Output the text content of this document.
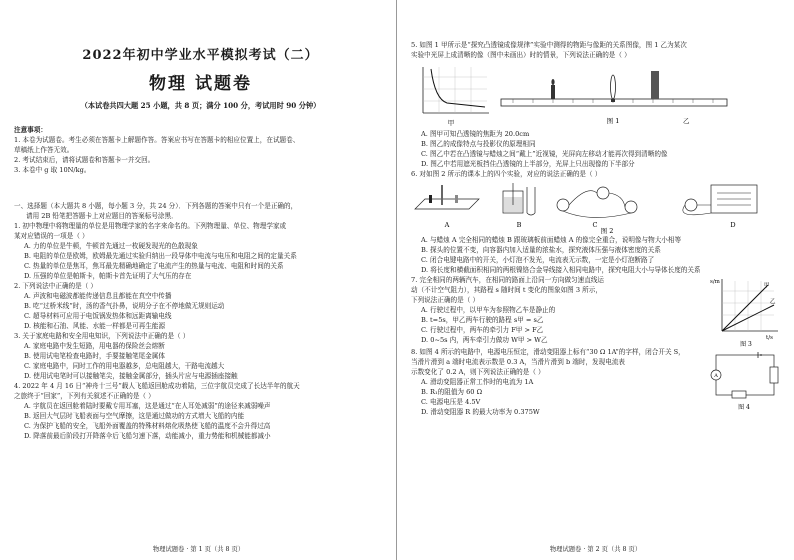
2022年初中学业水平模拟考试（二）
物理 试题卷
（本试卷共四大题 25 小题，共 8 页；满分 100 分，考试用时 90 分钟）
注意事项：
1. 本卷为试题卷。考生必须在答题卡上解题作答。答案应书写在答题卡的相应位置上，在试题卷、
草稿纸上作答无效。
2. 考试结束后，请将试题卷和答题卡一并交回。
3. 本卷中 g 取 10N/kg。
一、选择题（本大题共 8 小题，每小题 3 分，共 24 分）．下列各题的答案中只有一个是正确的，
请用 2B 铅笔把答题卡上对应题目的答案标号涂黑．
1. 初中物理中将物理量的单位是用物理学家的名字来命名的。下列物理量、单位、物理学家或
某对应错误的一项是（ ）
A. 力的单位是牛顿，牛顿首先通过一枚硬发现光的色散现象
B. 电阻的单位是欧姆，欧姆最先通过实验归纳出一段导体中电流与电压和电阻之间的定量关系
C. 热量的单位是焦耳，焦耳最先精确地确定了电流产生的热量与电流、电阻和时间的关系
D. 压强的单位是帕斯卡，帕斯卡首先证明了大气压的存在
2. 下列说法中正确的是（ ）
A. 声波和电磁波都能传递信息且都能在真空中传播
B. 吃“过桥米线”时，汤的香气扑鼻，说明分子在不停地做无规则运动
C. 超导材料可应用于电饭锅发热体和远距离输电线
D. 核能和石油、风能、水能一样都是可再生能源
3. 关于家庭电路和安全用电知识，下列说法中正确的是（ ）
A. 家庭电路中发生短路，用电器的保险丝会熔断
B. 使用试电笔检查电路时，手要接触笔尾金属体
C. 家庭电路中，同时工作的用电器越多，总电阻越大，干路电流越大
D. 使用试电笔时可以接触笔尖，接触金属部分，插头片应与电源插座接触
4. 2022 年 4 月 16 日“神舟十三号”载人飞船返回舱成功着陆，三位宇航员完成了长达半年的航天
之旅终于“回家”，下列有关叙述不正确的是（ ）
A. 宇航员在返回舱着陆时要戴专用耳塞，这是通过“在人耳处减弱”的途径来减弱噪声
B. 返回大气层时飞船表面与空气摩擦，这是通过做功的方式增大飞船的内能
C. 为保护飞船的安全，飞船外面覆盖的特殊材料熔化吸热使飞船的温度不会升得过高
D. 降落前最后阶段打开降落伞后飞船匀速下落，动能减小，重力势能和机械能都减小
物理试题卷 · 第 1 页（共 8 页）
5. 如图 1 甲所示是“探究凸透镜成像规律”实验中测得的物距与像距的关系图像，图 1 乙为某次
实验中光屏上成清晰的像（图中未画出）时的情景，下列说法正确的是（ ）
甲	乙
图 1
A. 图甲可知凸透镜的焦距为 20.0cm
B. 图乙的成像特点与投影仪的原理相同
C. 图乙中若在凸透镜与蜡烛之间“戴上”近视镜，光屏向左移动才能再次得到清晰的像
D. 图乙中若用遮光板挡住凸透镜的上半部分，光屏上只出现像的下半部分
6. 对如图 2 所示的课本上的四个实验，对应的说法正确的是（ ）
A	B	C
图 2
D
A. 与蜡烛 A 完全相同的蜡烛 B 跟玻璃板前面蜡烛 A 的像完全重合，说明像与物大小相等
B. 探头的位置不变，向容器内加入适量的浓盐水，探究液体压强与液体密度的关系
C. 闭合电键电路中的开关，小灯泡不发光，电流表无示数，一定是小灯泡断路了
D. 将长度和横截面积相同的两根镍铬合金导线接入相同电路中，探究电阻大小与导体长度的关系
7. 完全相同的两辆汽车，在相同的路面上沿同一方向做匀速直线运
动（不计空气阻力），其路程 s 随时间 t 变化的图象如图 3 所示，
下列说法正确的是（ ）
A. 行驶过程中，以甲车为参照物乙车是静止的
B. t=5s，甲乙两车行驶的路程 s甲 = s乙
C. 行驶过程中，两车的牵引力 F甲 > F乙
D. 0~5s 内，两车牵引力做功 W甲 > W乙
s/m
t/s
甲
乙
图 3
8. 如图 4 所示的电路中，电源电压恒定，滑动变阻器上标有“30 Ω 1A”的字样，闭合开关 S，
当滑片滑到 a 端时电流表示数是 0.3 A，当滑片滑到 b 端时，发现电流表
示数变化了 0.2 A，则下列说法正确的是（ ）
A. 滑动变阻器正常工作时的电流为 1A
B. R₁的阻值为 60 Ω
C. 电源电压是 4.5V
D. 滑动变阻器 R 的最大功率为 0.375W
A
图 4
物理试题卷 · 第 2 页（共 8 页）
